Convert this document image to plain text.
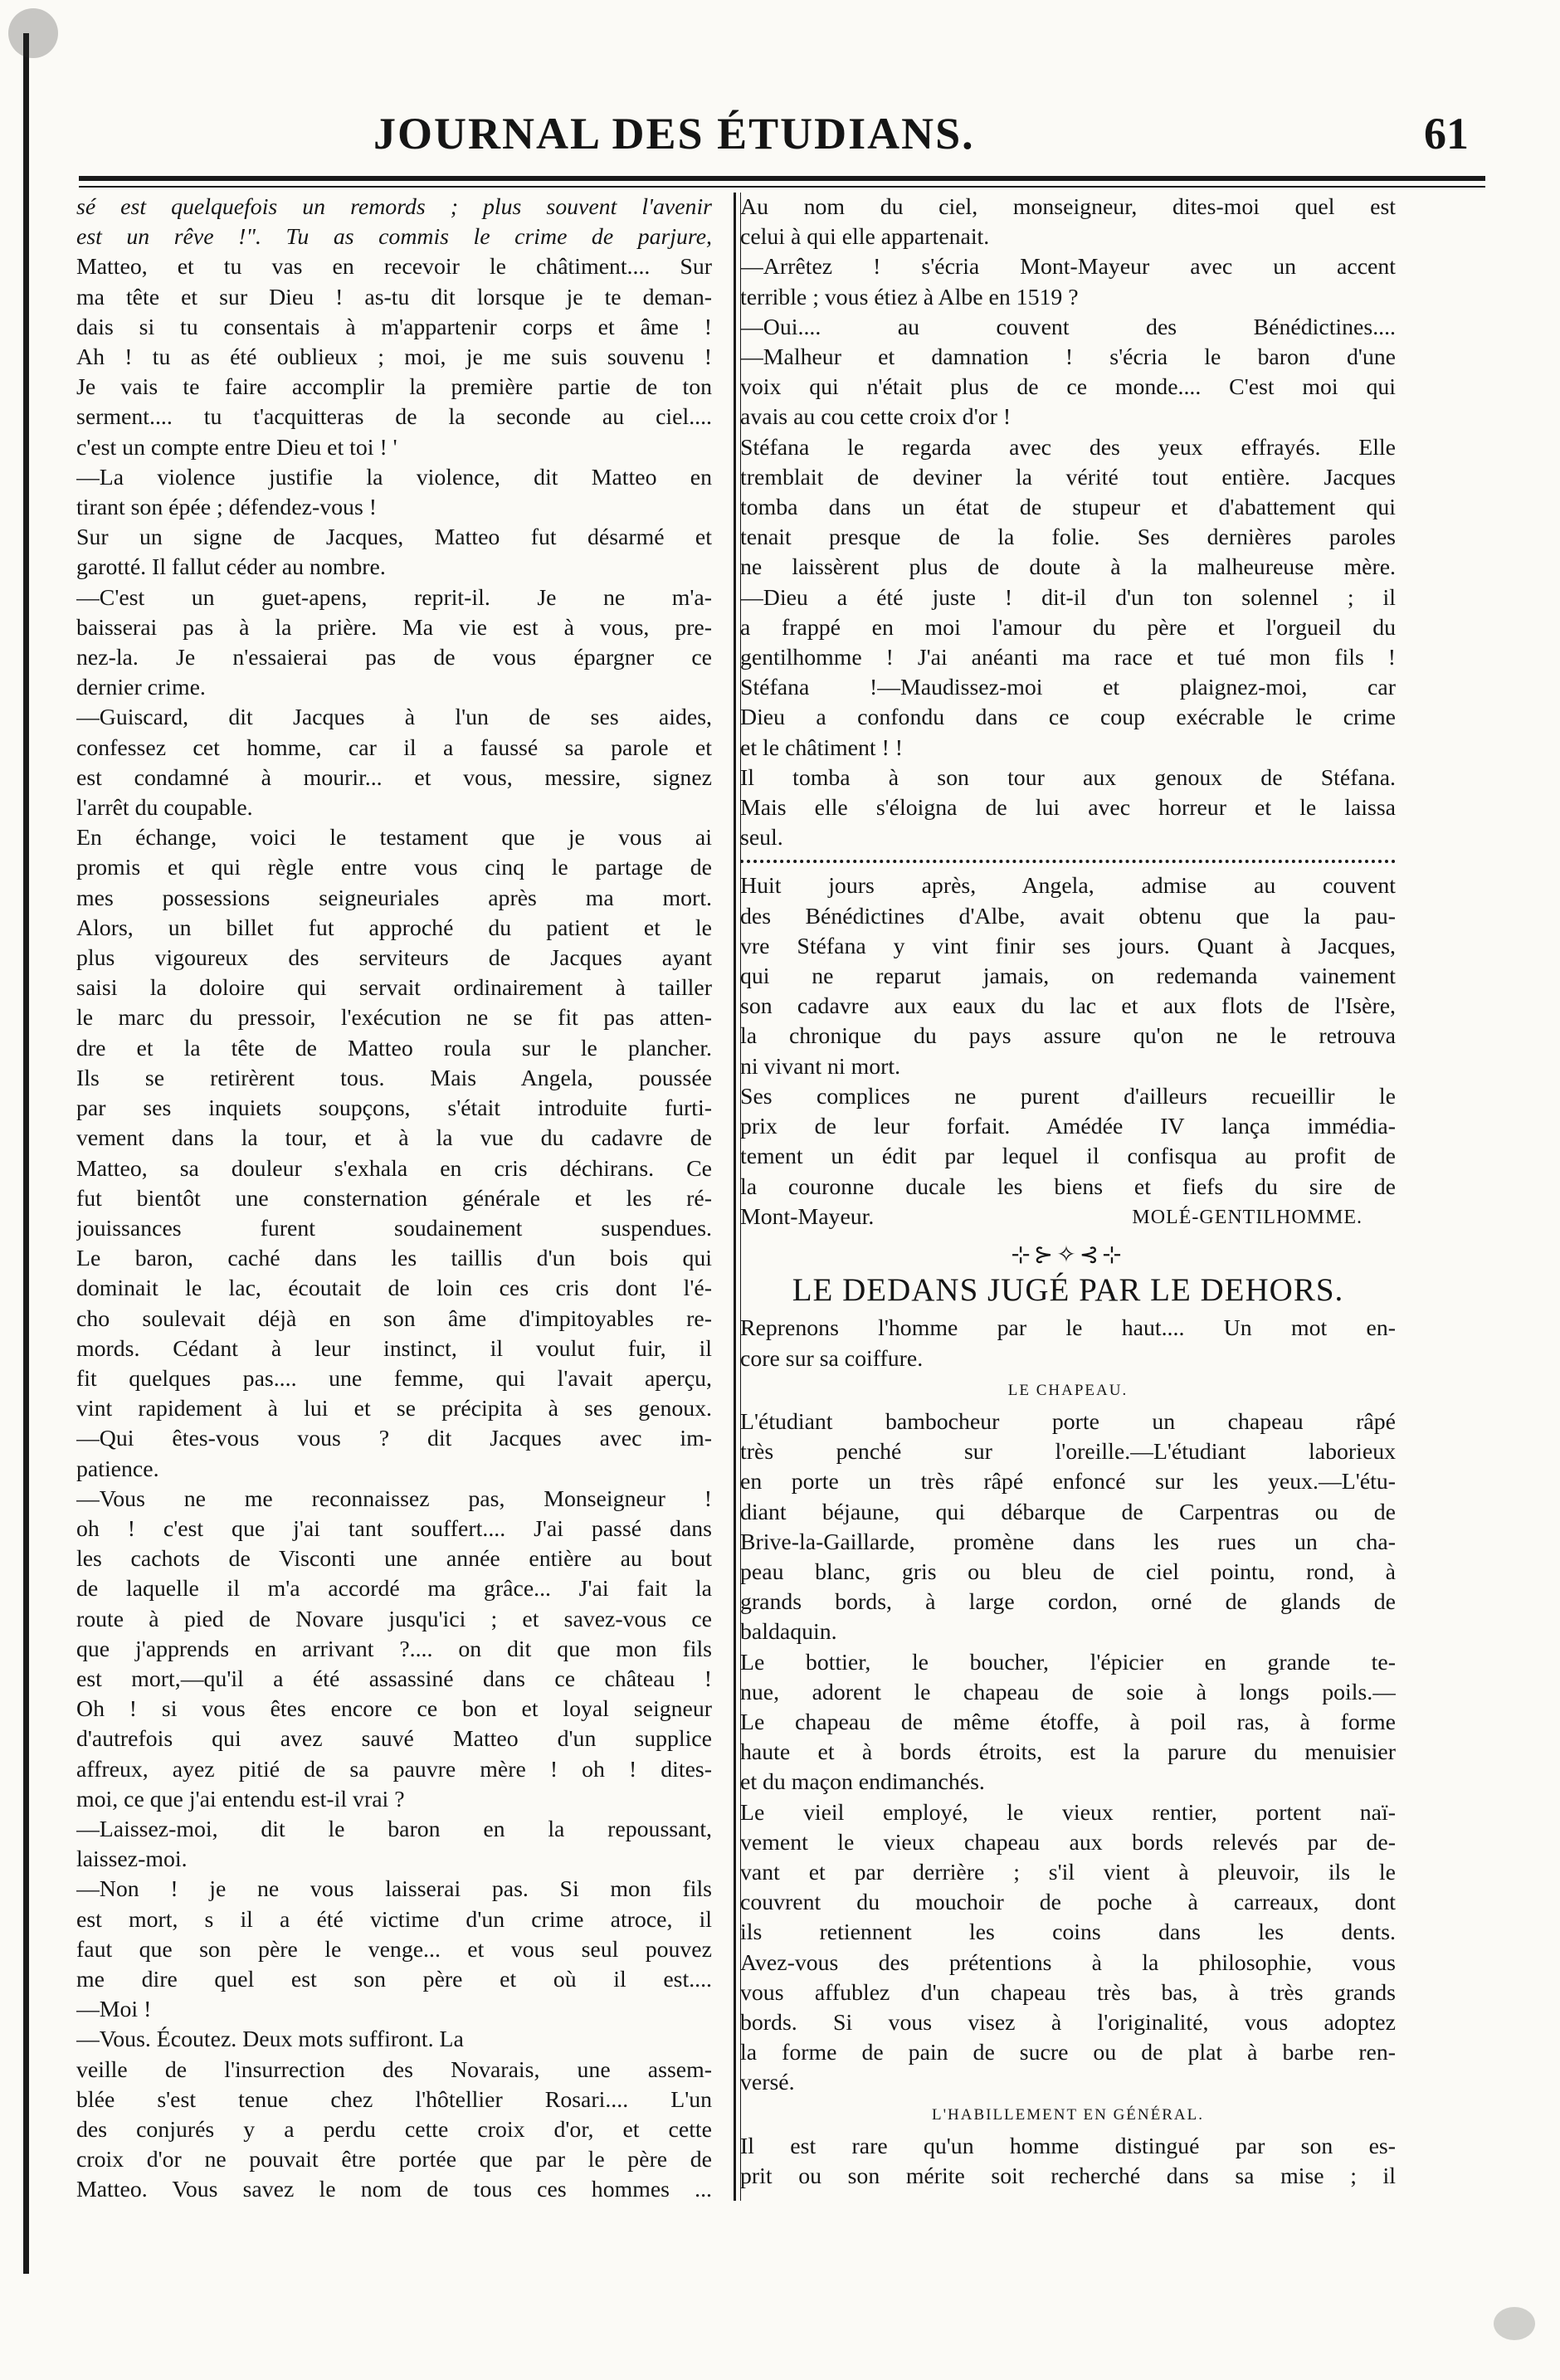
JOURNAL DES ÉTUDIANS.	61
sé est quelquefois un remords ; plus souvent l'avenir
est un rêve !". Tu as commis le crime de parjure,
Matteo, et tu vas en recevoir le châtiment.... Sur
ma tête et sur Dieu ! as-tu dit lorsque je te deman-
dais si tu consentais à m'appartenir corps et âme !
Ah ! tu as été oublieux ; moi, je me suis souvenu !
Je vais te faire accomplir la première partie de ton
serment.... tu t'acquitteras de la seconde au ciel....
c'est un compte entre Dieu et toi ! '
—La violence justifie la violence, dit Matteo en
tirant son épée ; défendez-vous !
Sur un signe de Jacques, Matteo fut désarmé et
garotté. Il fallut céder au nombre.
—C'est un guet-apens, reprit-il. Je ne m'a-
baisserai pas à la prière. Ma vie est à vous, pre-
nez-la. Je n'essaierai pas de vous épargner ce
dernier crime.
—Guiscard, dit Jacques à l'un de ses aides,
confessez cet homme, car il a faussé sa parole et
est condamné à mourir... et vous, messire, signez
l'arrêt du coupable.
En échange, voici le testament que je vous ai
promis et qui règle entre vous cinq le partage de
mes possessions seigneuriales après ma mort.
Alors, un billet fut approché du patient et le
plus vigoureux des serviteurs de Jacques ayant
saisi la doloire qui servait ordinairement à tailler
le marc du pressoir, l'exécution ne se fit pas atten-
dre et la tête de Matteo roula sur le plancher.
Ils se retirèrent tous. Mais Angela, poussée
par ses inquiets soupçons, s'était introduite furti-
vement dans la tour, et à la vue du cadavre de
Matteo, sa douleur s'exhala en cris déchirans. Ce
fut bientôt une consternation générale et les ré-
jouissances furent soudainement suspendues.
Le baron, caché dans les taillis d'un bois qui
dominait le lac, écoutait de loin ces cris dont l'é-
cho soulevait déjà en son âme d'impitoyables re-
mords. Cédant à leur instinct, il voulut fuir, il
fit quelques pas.... une femme, qui l'avait aperçu,
vint rapidement à lui et se précipita à ses genoux.
—Qui êtes-vous vous ? dit Jacques avec im-
patience.
—Vous ne me reconnaissez pas, Monseigneur !
oh ! c'est que j'ai tant souffert.... J'ai passé dans
les cachots de Visconti une année entière au bout
de laquelle il m'a accordé ma grâce... J'ai fait la
route à pied de Novare jusqu'ici ; et savez-vous ce
que j'apprends en arrivant ?.... on dit que mon fils
est mort,—qu'il a été assassiné dans ce château !
Oh ! si vous êtes encore ce bon et loyal seigneur
d'autrefois qui avez sauvé Matteo d'un supplice
affreux, ayez pitié de sa pauvre mère ! oh ! dites-
moi, ce que j'ai entendu est-il vrai ?
—Laissez-moi, dit le baron en la repoussant,
laissez-moi.
—Non ! je ne vous laisserai pas. Si mon fils
est mort, s il a été victime d'un crime atroce, il
faut que son père le venge... et vous seul pouvez
me dire quel est son père et où il est....
—Moi !
—Vous. Écoutez. Deux mots suffiront. La
veille de l'insurrection des Novarais, une assem-
blée s'est tenue chez l'hôtellier Rosari.... L'un
des conjurés y a perdu cette croix d'or, et cette
croix d'or ne pouvait être portée que par le père de
Matteo. Vous savez le nom de tous ces hommes ...
Au nom du ciel, monseigneur, dites-moi quel est
celui à qui elle appartenait.
—Arrêtez ! s'écria Mont-Mayeur avec un accent
terrible ; vous étiez à Albe en 1519 ?
—Oui.... au couvent des Bénédictines....
—Malheur et damnation ! s'écria le baron d'une
voix qui n'était plus de ce monde.... C'est moi qui
avais au cou cette croix d'or !
Stéfana le regarda avec des yeux effrayés. Elle
tremblait de deviner la vérité tout entière. Jacques
tomba dans un état de stupeur et d'abattement qui
tenait presque de la folie. Ses dernières paroles
ne laissèrent plus de doute à la malheureuse mère.
—Dieu a été juste ! dit-il d'un ton solennel ; il
a frappé en moi l'amour du père et l'orgueil du
gentilhomme ! J'ai anéanti ma race et tué mon fils !
Stéfana !—Maudissez-moi et plaignez-moi, car
Dieu a confondu dans ce coup exécrable le crime
et le châtiment ! !
Il tomba à son tour aux genoux de Stéfana.
Mais elle s'éloigna de lui avec horreur et le laissa
seul.
Huit jours après, Angela, admise au couvent
des Bénédictines d'Albe, avait obtenu que la pau-
vre Stéfana y vint finir ses jours. Quant à Jacques,
qui ne reparut jamais, on redemanda vainement
son cadavre aux eaux du lac et aux flots de l'Isère,
la chronique du pays assure qu'on ne le retrouva
ni vivant ni mort.
Ses complices ne purent d'ailleurs recueillir le
prix de leur forfait. Amédée IV lança immédia-
tement un édit par lequel il confisqua au profit de
la couronne ducale les biens et fiefs du sire de
Mont-Mayeur.	MOLÉ-GENTILHOMME.
⊹⊱✧⊰⊹
LE DEDANS JUGÉ PAR LE DEHORS.
Reprenons l'homme par le haut.... Un mot en-
core sur sa coiffure.
LE CHAPEAU.
L'étudiant bambocheur porte un chapeau râpé
très penché sur l'oreille.—L'étudiant laborieux
en porte un très râpé enfoncé sur les yeux.—L'étu-
diant béjaune, qui débarque de Carpentras ou de
Brive-la-Gaillarde, promène dans les rues un cha-
peau blanc, gris ou bleu de ciel pointu, rond, à
grands bords, à large cordon, orné de glands de
baldaquin.
Le bottier, le boucher, l'épicier en grande te-
nue, adorent le chapeau de soie à longs poils.—
Le chapeau de même étoffe, à poil ras, à forme
haute et à bords étroits, est la parure du menuisier
et du maçon endimanchés.
Le vieil employé, le vieux rentier, portent naï-
vement le vieux chapeau aux bords relevés par de-
vant et par derrière ; s'il vient à pleuvoir, ils le
couvrent du mouchoir de poche à carreaux, dont
ils retiennent les coins dans les dents.
Avez-vous des prétentions à la philosophie, vous
vous affublez d'un chapeau très bas, à très grands
bords. Si vous visez à l'originalité, vous adoptez
la forme de pain de sucre ou de plat à barbe ren-
versé.
L'HABILLEMENT EN GÉNÉRAL.
Il est rare qu'un homme distingué par son es-
prit ou son mérite soit recherché dans sa mise ; il
